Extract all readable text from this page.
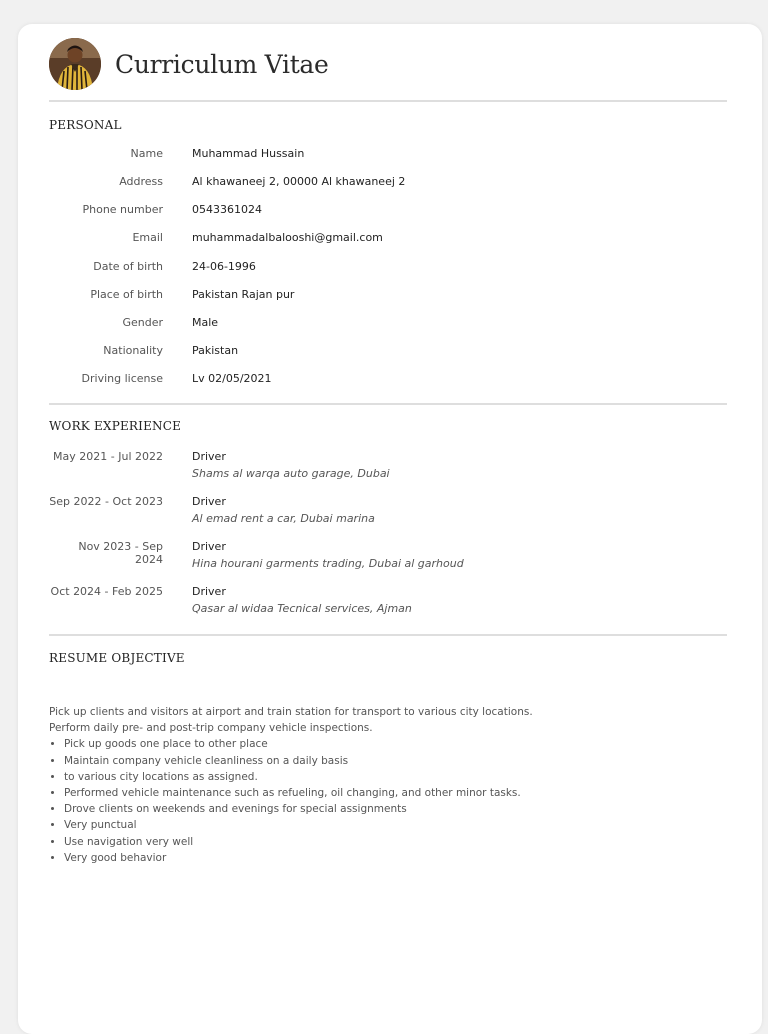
Curriculum Vitae
PERSONAL
Name	Muhammad Hussain
Address	Al khawaneej 2, 00000 Al khawaneej 2
Phone number	0543361024
Email	muhammadalbalooshi@gmail.com
Date of birth	24-06-1996
Place of birth	Pakistan Rajan pur
Gender	Male
Nationality	Pakistan
Driving license	Lv 02/05/2021
WORK EXPERIENCE
May 2021 - Jul 2022	Driver
Shams al warqa auto garage, Dubai
Sep 2022 - Oct 2023	Driver
Al emad rent a car, Dubai marina
Nov 2023 - Sep 2024
Driver
Hina hourani garments trading, Dubai al garhoud
Oct 2024 - Feb 2025	Driver
Qasar al widaa Tecnical services, Ajman
RESUME OBJECTIVE

Pick up clients and visitors at airport and train station for transport to various city locations.

Perform daily pre- and post-trip company vehicle inspections.

• Pick up goods one place to other place
• Maintain company vehicle cleanliness on a daily basis
• to various city locations as assigned.
• Performed vehicle maintenance such as refueling, oil changing, and other minor tasks.
• Drove clients on weekends and evenings for special assignments
• Very punctual
• Use navigation very well
• Very good behavior
